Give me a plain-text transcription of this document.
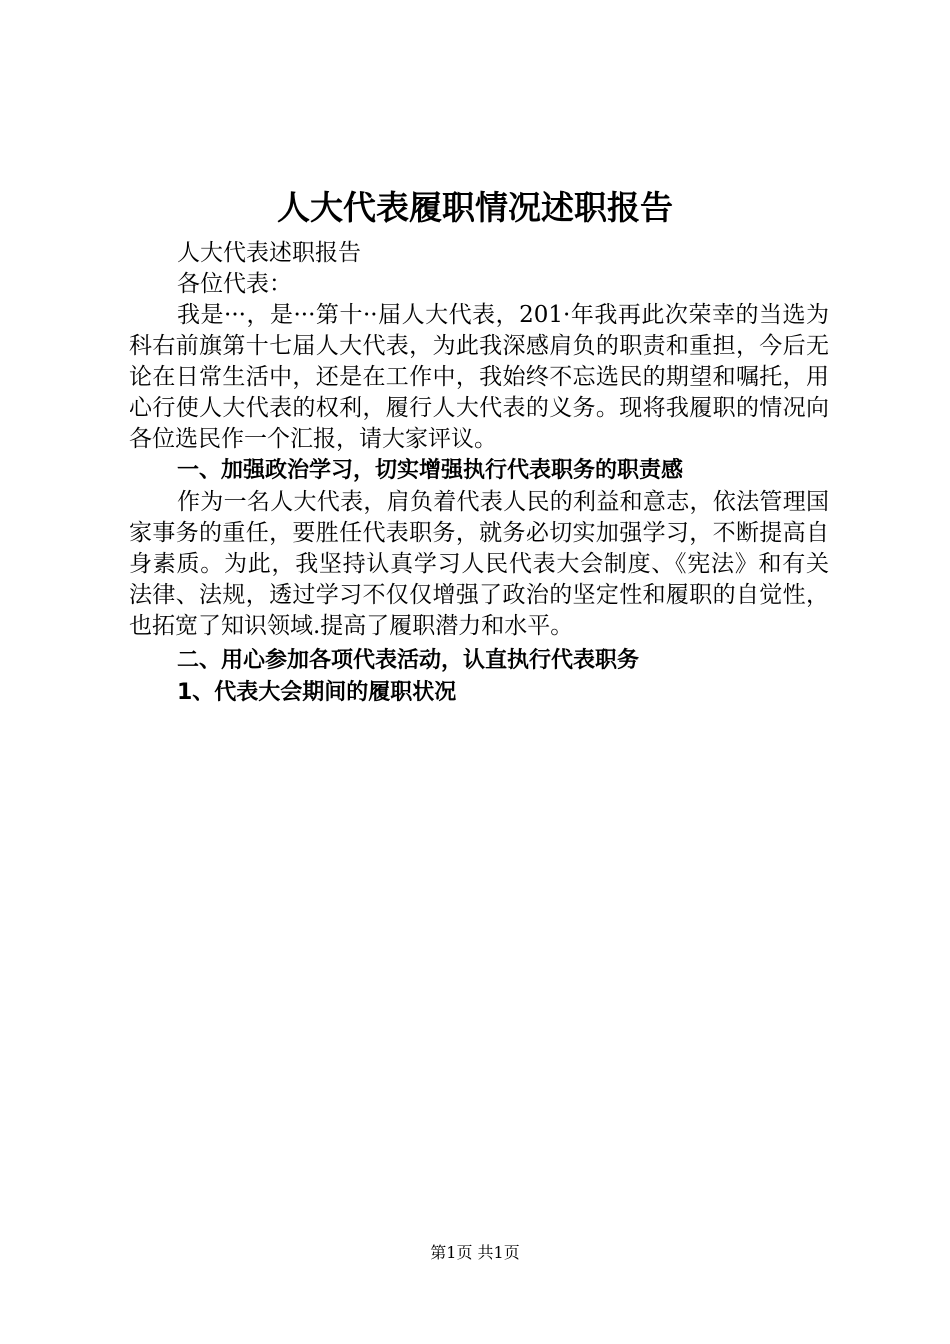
人大代表履职情况述职报告

人大代表述职报告

各位代表：

我是···，是···第十··届人大代表，201·年我再此次荣幸的当选为科右前旗第十七届人大代表，为此我深感肩负的职责和重担，今后无论在日常生活中，还是在工作中，我始终不忘选民的期望和嘱托，用心行使人大代表的权利，履行人大代表的义务。现将我履职的情况向各位选民作一个汇报，请大家评议。

一、加强政治学习，切实增强执行代表职务的职责感

作为一名人大代表，肩负着代表人民的利益和意志，依法管理国家事务的重任，要胜任代表职务，就务必切实加强学习，不断提高自身素质。为此，我坚持认真学习人民代表大会制度、《宪法》和有关法律、法规，透过学习不仅仅增强了政治的坚定性和履职的自觉性，也拓宽了知识领域.提高了履职潜力和水平。

二、用心参加各项代表活动，认直执行代表职务

1、代表大会期间的履职状况

第1页 共1页
